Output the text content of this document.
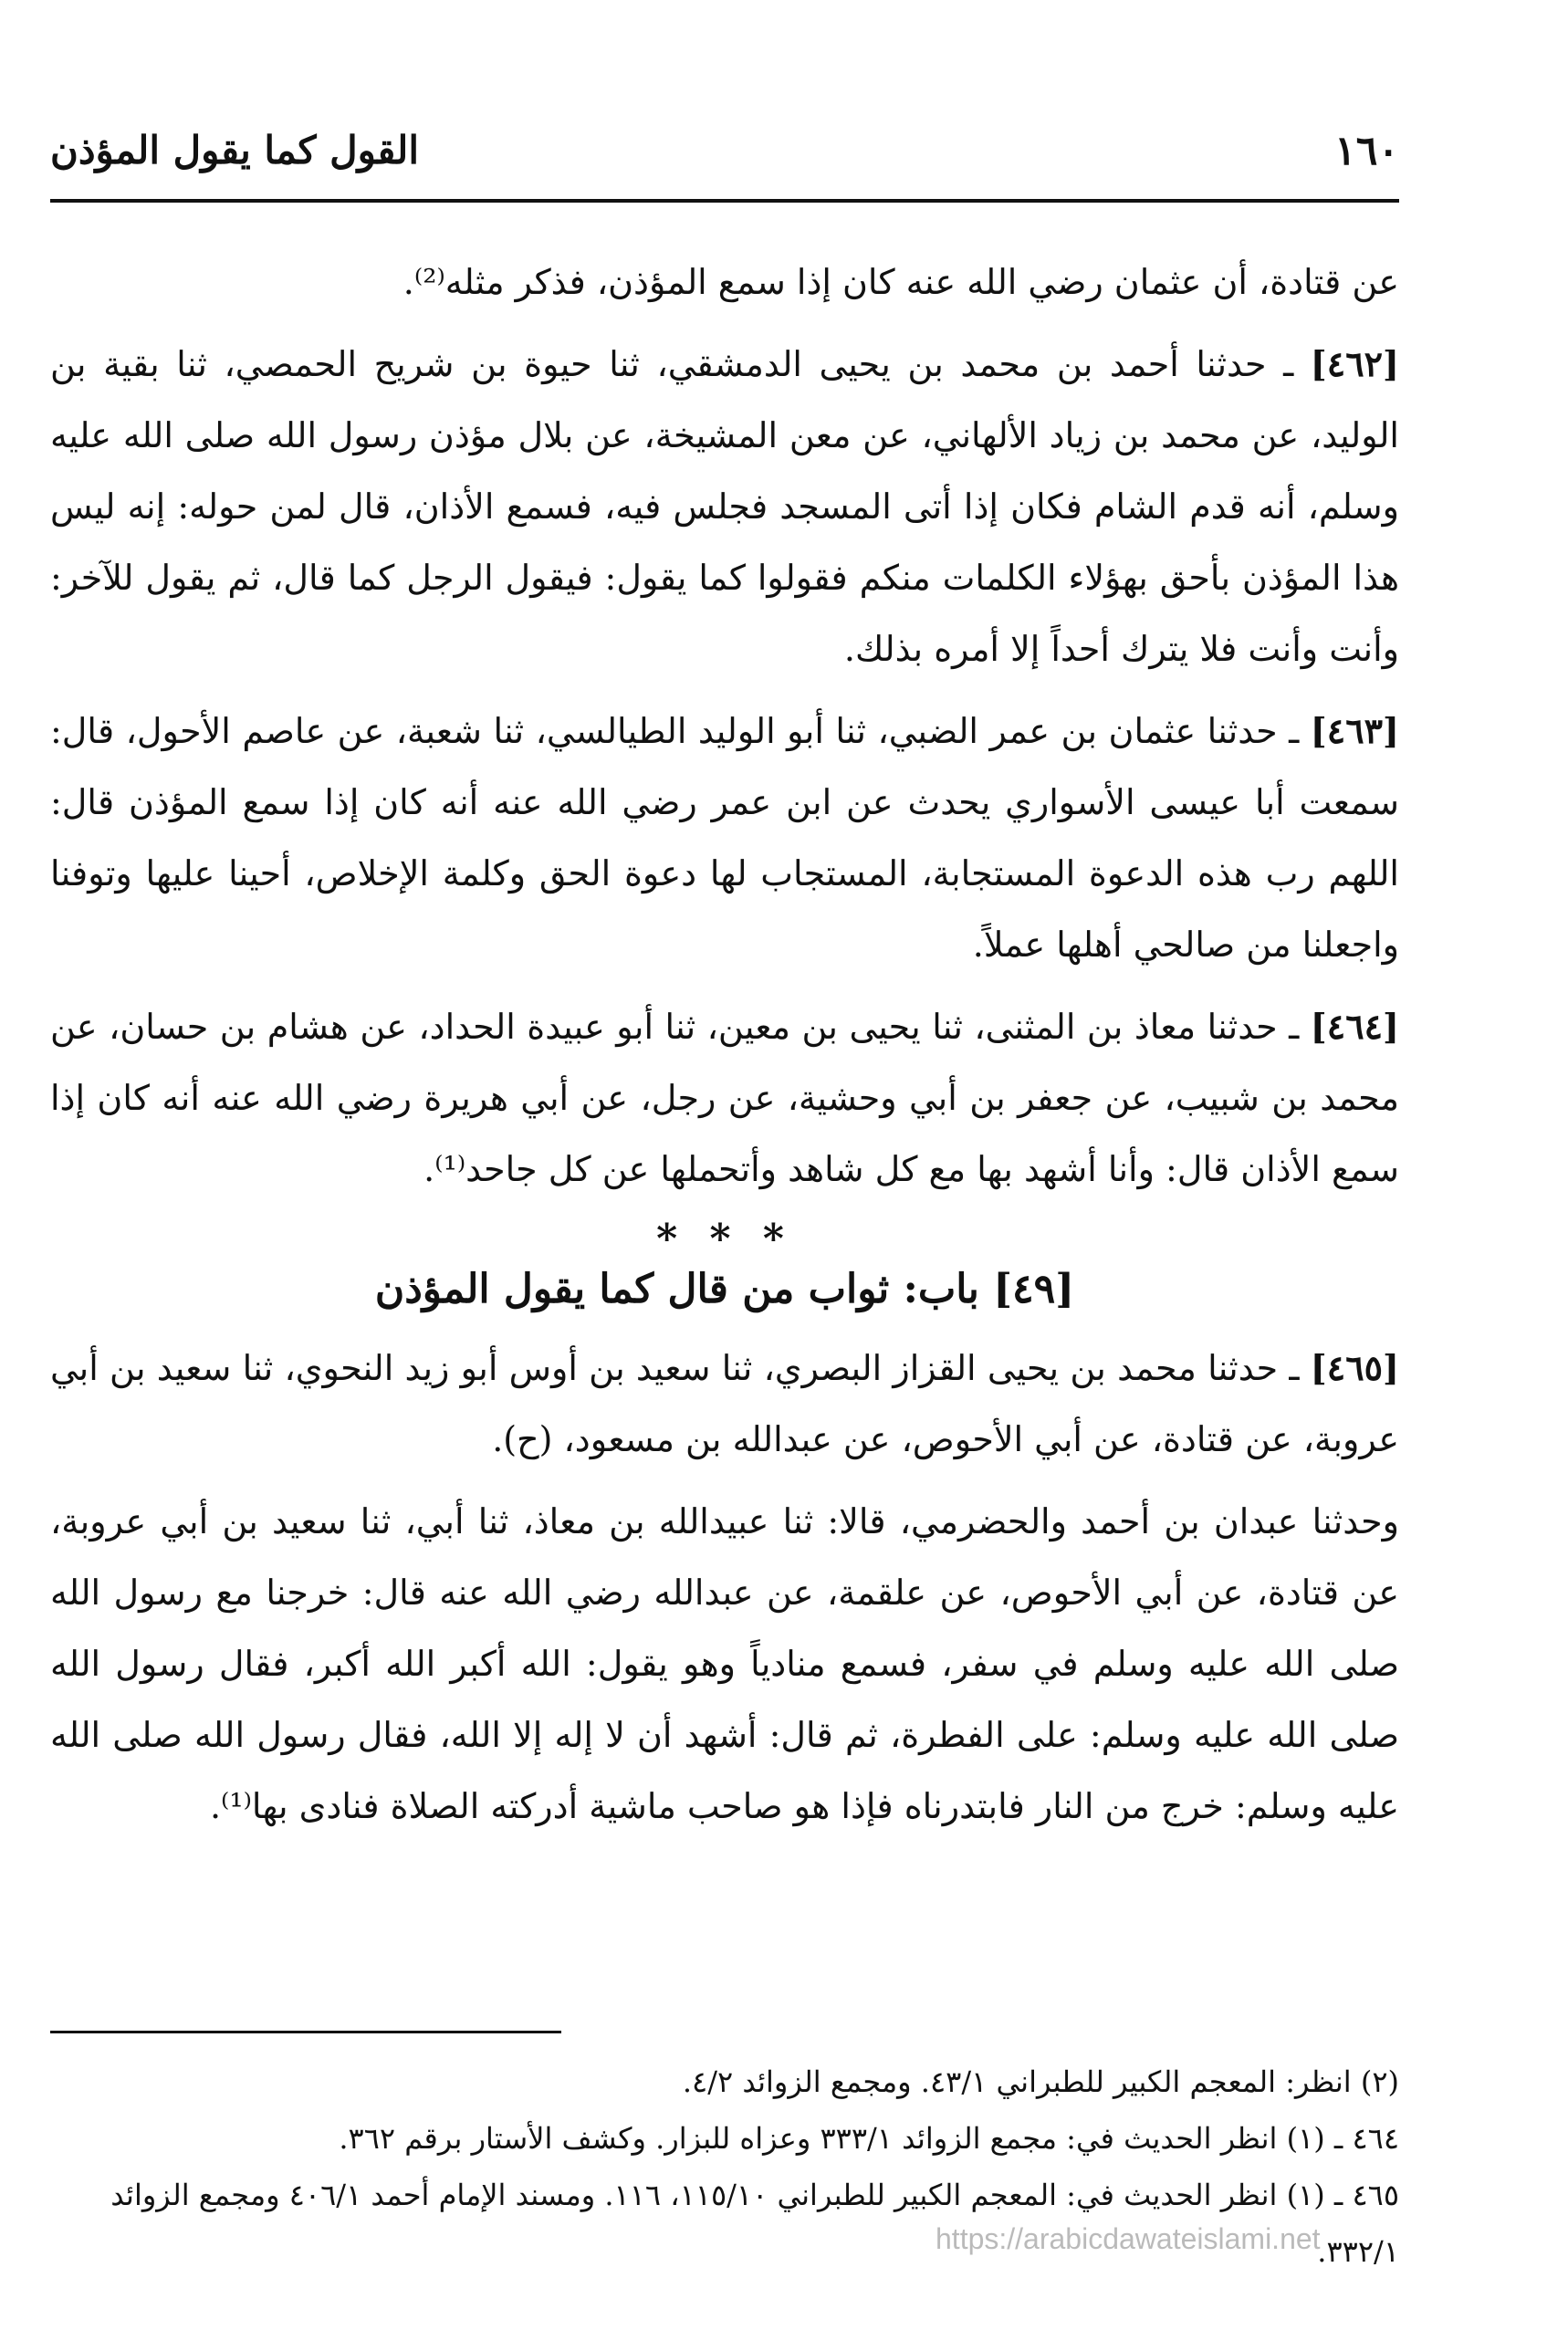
القول كما يقول المؤذن	١٦٠

عن قتادة، أن عثمان رضي الله عنه كان إذا سمع المؤذن، فذكر مثله⁽²⁾.

[٤٦٢] ـ حدثنا أحمد بن محمد بن يحيى الدمشقي، ثنا حيوة بن شريح الحمصي، ثنا بقية بن الوليد، عن محمد بن زياد الألهاني، عن معن المشيخة، عن بلال مؤذن رسول الله صلى الله عليه وسلم، أنه قدم الشام فكان إذا أتى المسجد فجلس فيه، فسمع الأذان، قال لمن حوله: إنه ليس هذا المؤذن بأحق بهؤلاء الكلمات منكم فقولوا كما يقول: فيقول الرجل كما قال، ثم يقول للآخر: وأنت وأنت فلا يترك أحداً إلا أمره بذلك.

[٤٦٣] ـ حدثنا عثمان بن عمر الضبي، ثنا أبو الوليد الطيالسي، ثنا شعبة، عن عاصم الأحول، قال: سمعت أبا عيسى الأسواري يحدث عن ابن عمر رضي الله عنه أنه كان إذا سمع المؤذن قال: اللهم رب هذه الدعوة المستجابة، المستجاب لها دعوة الحق وكلمة الإخلاص، أحينا عليها وتوفنا واجعلنا من صالحي أهلها عملاً.

[٤٦٤] ـ حدثنا معاذ بن المثنى، ثنا يحيى بن معين، ثنا أبو عبيدة الحداد، عن هشام بن حسان، عن محمد بن شبيب، عن جعفر بن أبي وحشية، عن رجل، عن أبي هريرة رضي الله عنه أنه كان إذا سمع الأذان قال: وأنا أشهد بها مع كل شاهد وأتحملها عن كل جاحد⁽¹⁾.

* * *
[٤٩] باب: ثواب من قال كما يقول المؤذن

[٤٦٥] ـ حدثنا محمد بن يحيى القزاز البصري، ثنا سعيد بن أوس أبو زيد النحوي، ثنا سعيد بن أبي عروبة، عن قتادة، عن أبي الأحوص، عن عبدالله بن مسعود، (ح).

وحدثنا عبدان بن أحمد والحضرمي، قالا: ثنا عبيدالله بن معاذ، ثنا أبي، ثنا سعيد بن أبي عروبة، عن قتادة، عن أبي الأحوص، عن علقمة، عن عبدالله رضي الله عنه قال: خرجنا مع رسول الله صلى الله عليه وسلم في سفر، فسمع منادياً وهو يقول: الله أكبر الله أكبر، فقال رسول الله صلى الله عليه وسلم: على الفطرة، ثم قال: أشهد أن لا إله إلا الله، فقال رسول الله صلى الله عليه وسلم: خرج من النار فابتدرناه فإذا هو صاحب ماشية أدركته الصلاة فنادى بها⁽¹⁾.

(٢) انظر: المعجم الكبير للطبراني ٤٣/١. ومجمع الزوائد ٤/٢.

٤٦٤ ـ (١) انظر الحديث في: مجمع الزوائد ٣٣٣/١ وعزاه للبزار. وكشف الأستار برقم ٣٦٢.

٤٦٥ ـ (١) انظر الحديث في: المعجم الكبير للطبراني ١١٥/١٠، ١١٦. ومسند الإمام أحمد ٤٠٦/١ ومجمع الزوائد ٣٣٢/١.

https://arabicdawateislami.net
